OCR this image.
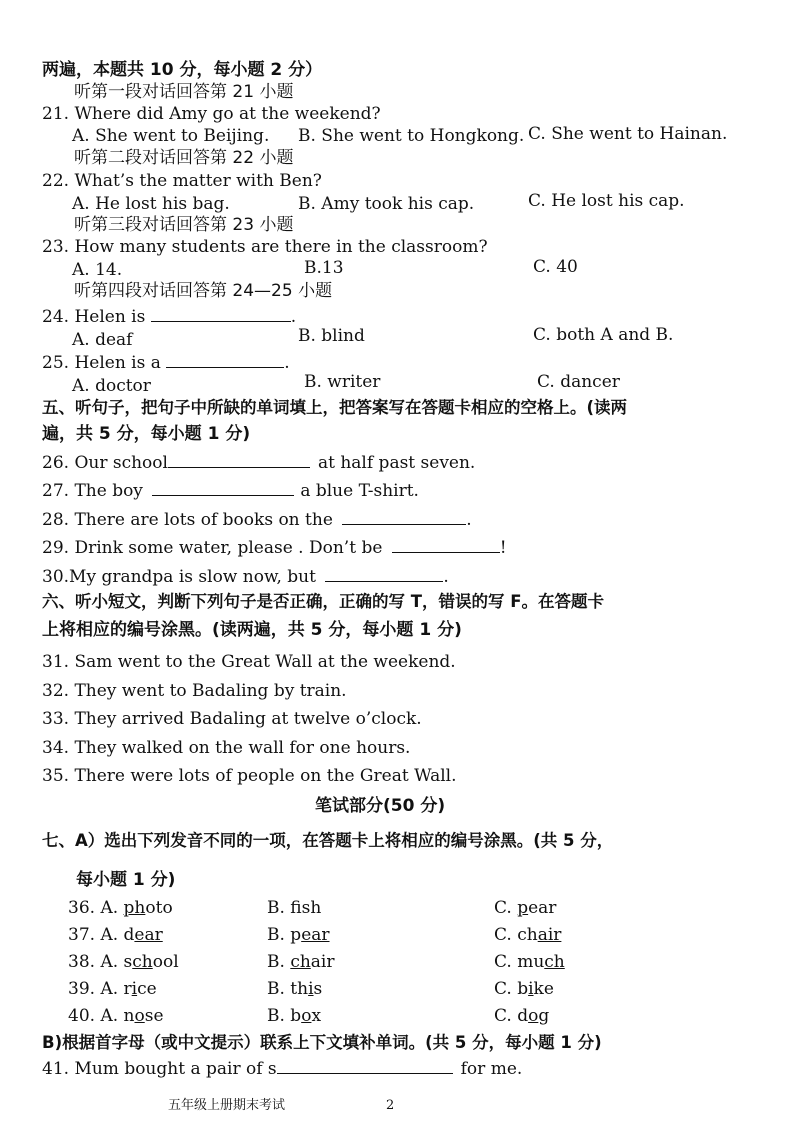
两遍，本题共 10 分，每小题 2 分）
听第一段对话回答第 21 小题
21. Where did Amy go at the weekend?
A. She went to Beijing. B. She went to Hongkong. C. She went to Hainan.
听第二段对话回答第 22 小题
22. What’s the matter with Ben?
A. He lost his bag.	B. Amy took his cap.	C. He lost his cap.
听第三段对话回答第 23 小题
23. How many students are there in the classroom?
A. 14.	B.13	C. 40
听第四段对话回答第 24—25 小题
24. Helen is	.
A. deaf	B. blind	C. both A and B.
25. Helen is a	.
A. doctor	B. writer	C. dancer
五、听句子，把句子中所缺的单词填上，把答案写在答题卡相应的空格上。(读两
遍，共 5 分，每小题 1 分)
26. Our school	at half past seven.
27. The boy	a blue T-shirt.
28. There are lots of books on the	.
29. Drink some water, please . Don’t be	!
30.My grandpa is slow now, but	.
六、听小短文，判断下列句子是否正确，正确的写 T，错误的写 F。在答题卡
上将相应的编号涂黑。(读两遍，共 5 分，每小题 1 分)
31. Sam went to the Great Wall at the weekend.
32. They went to Badaling by train.
33. They arrived Badaling at twelve o’clock.
34. They walked on the wall for one hours.
35. There were lots of people on the Great Wall.
笔试部分(50 分)
七、A）选出下列发音不同的一项，在答题卡上将相应的编号涂黑。(共 5 分，
每小题 1 分)
36. A. photo	B. fsh	C. pear
37. A. dear	B. pear	C. chair
38. A. school	B. chair	C. much
39. A. rice	B. this	C. bike
40. A. nose	B. box	C. dog
B)根据首字母（或中文提示）联系上下文填补单词。(共 5 分，每小题 1 分)
41. Mum bought a pair of s	for me.
五年级上册期末考试	2
